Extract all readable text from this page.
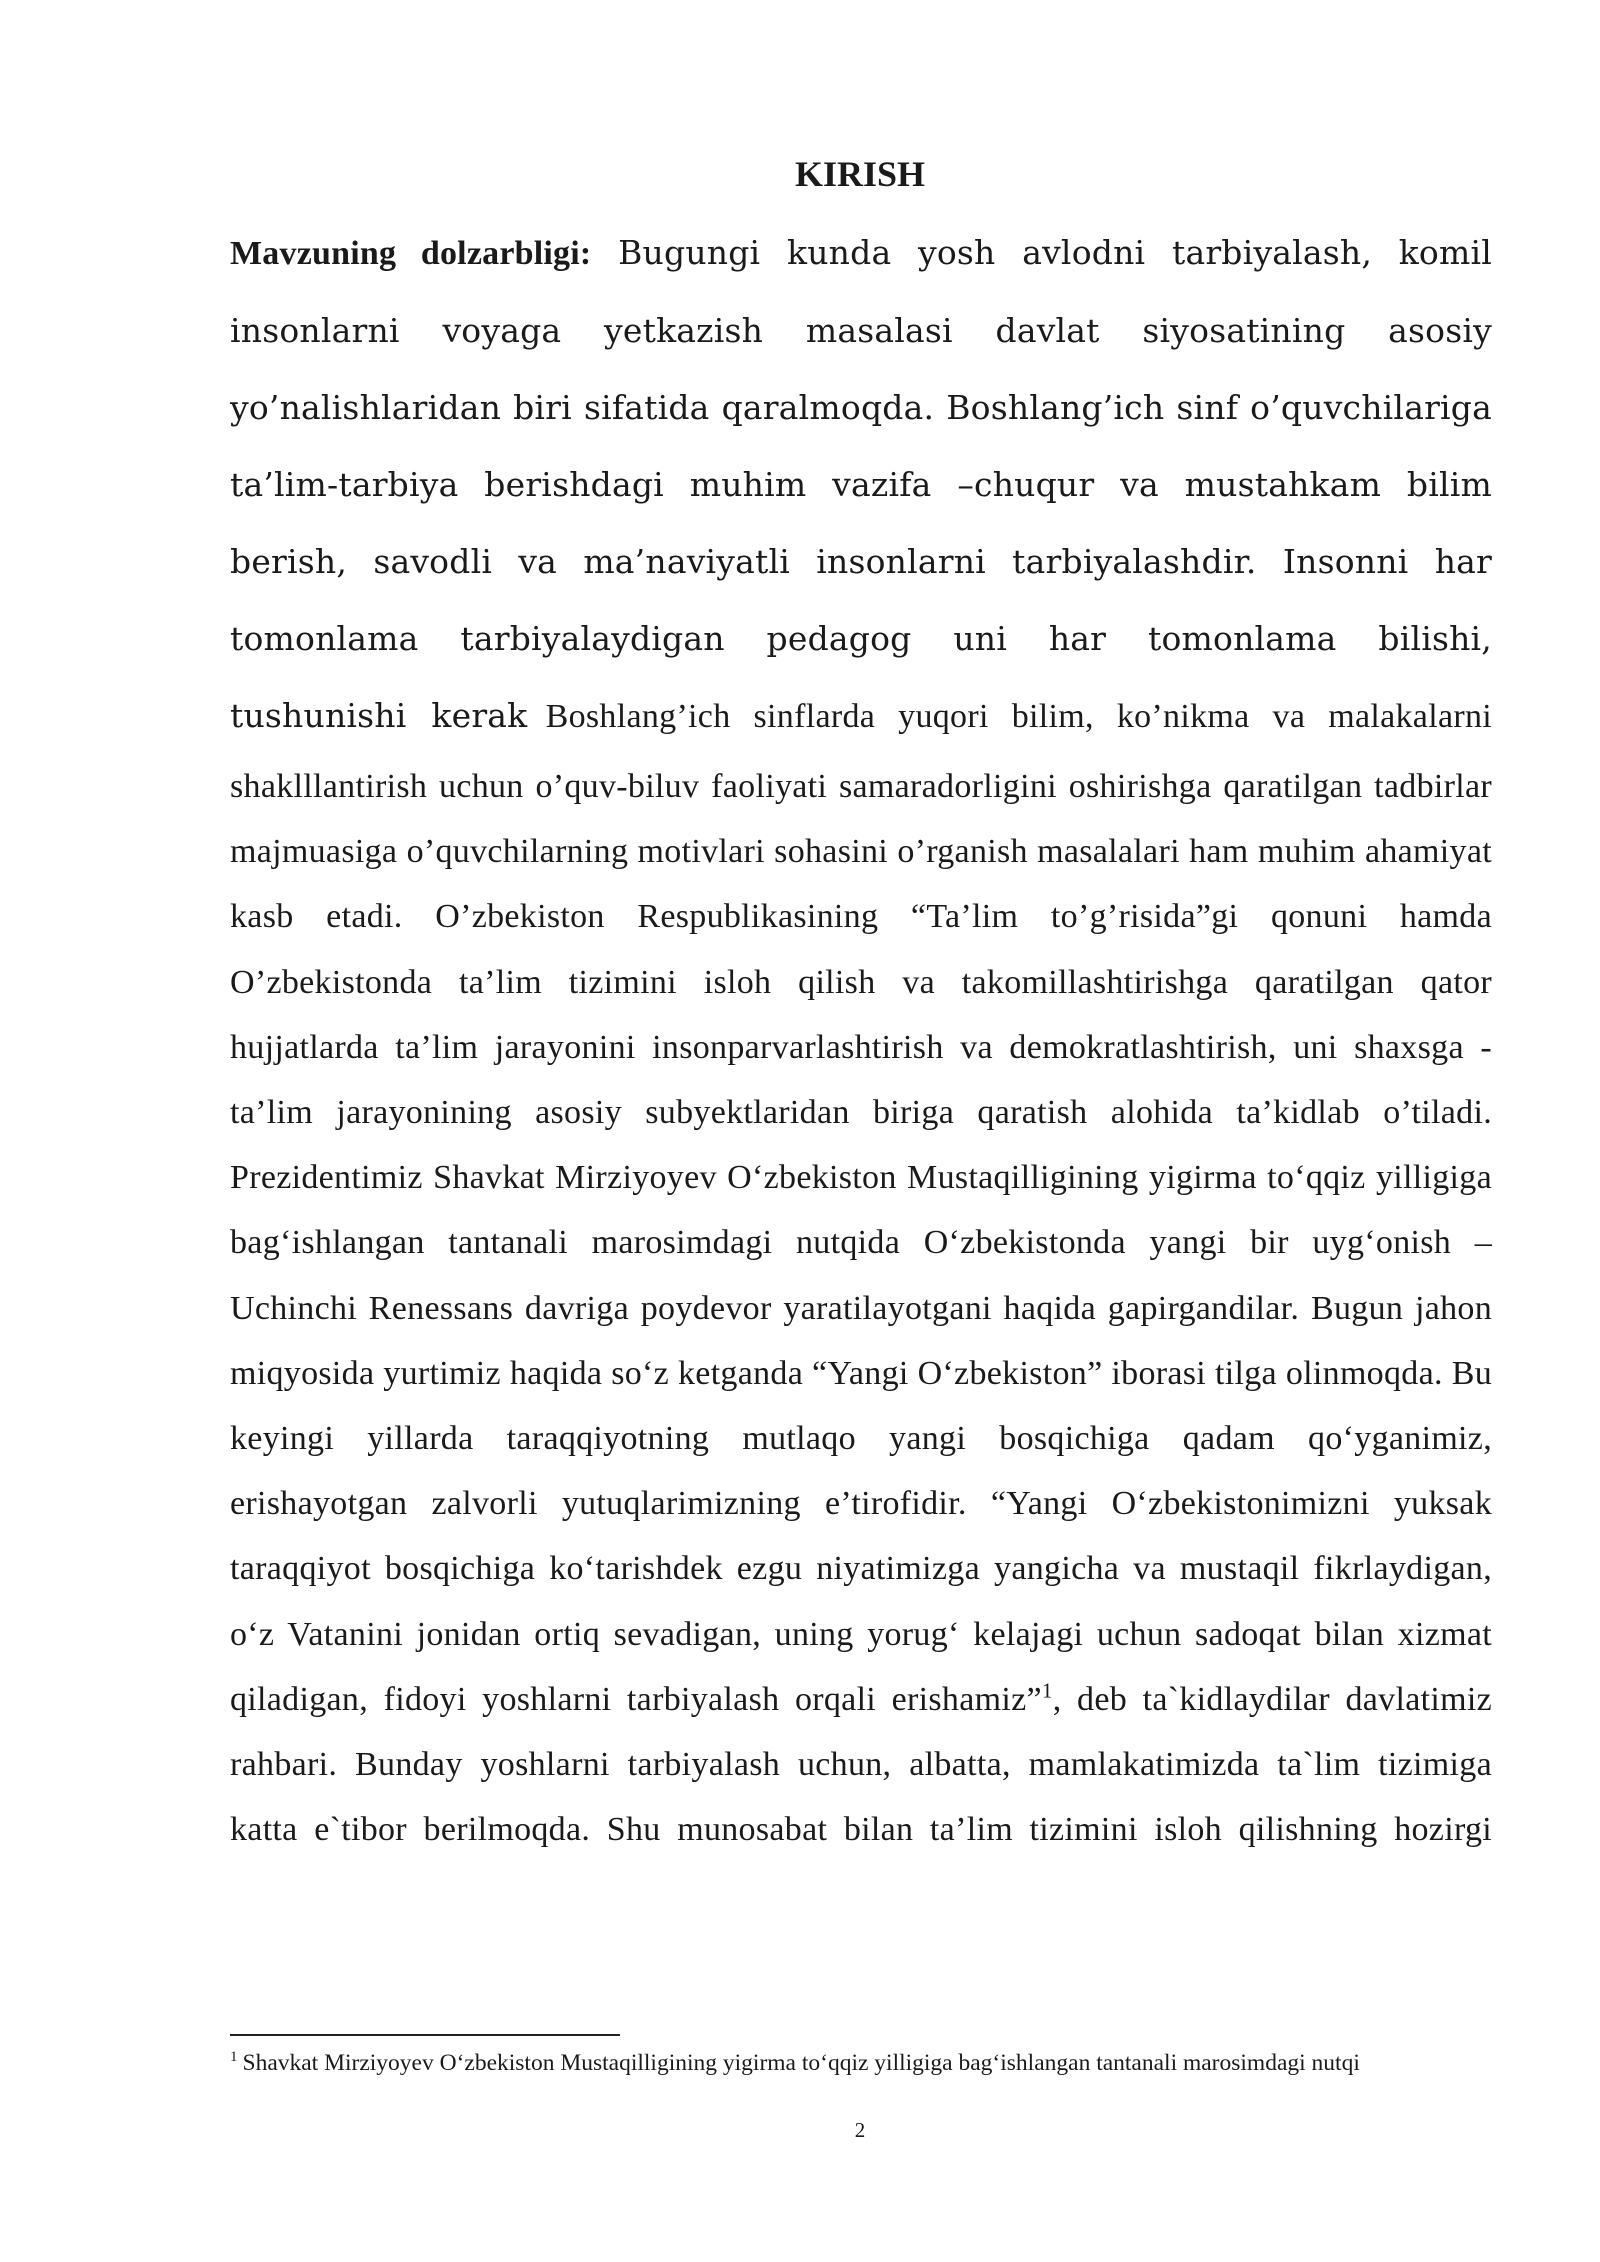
KIRISH
Mavzuning dolzarbligi: Bugungi kunda yosh avlodni tarbiyalash, komil insonlarni voyaga yetkazish masalasi davlat siyosatining asosiy yo’nalishlaridan biri sifatida qaralmoqda. Boshlang’ich sinf o’quvchilariga ta’lim-tarbiya berishdagi muhim vazifa –chuqur va mustahkam bilim berish, savodli va ma’naviyatli insonlarni tarbiyalashdir. Insonni har tomonlama tarbiyalaydigan pedagog uni har tomonlama bilishi, tushunishi kerak Boshlang’ich sinflarda yuqori bilim, ko’nikma va malakalarni shaklllantirish uchun o’quv-biluv faoliyati samaradorligini oshirishga qaratilgan tadbirlar majmuasiga o’quvchilarning motivlari sohasini o’rganish masalalari ham muhim ahamiyat kasb etadi. O’zbekiston Respublikasining “Ta’lim to’g’risida”gi qonuni hamda O’zbekistonda ta’lim tizimini isloh qilish va takomillashtirishga qaratilgan qator hujjatlarda ta’lim jarayonini insonparvarlashtirish va demokratlashtirish, uni shaxsga - ta’lim jarayonining asosiy subyektlaridan biriga qaratish alohida ta’kidlab o’tiladi. Prezidentimiz Shavkat Mirziyoyev O‘zbekiston Mustaqilligining yigirma to‘qqiz yilligiga bag‘ishlangan tantanali marosimdagi nutqida O‘zbekistonda yangi bir uyg‘onish – Uchinchi Renessans davriga poydevor yaratilayotgani haqida gapirgandilar. Bugun jahon miqyosida yurtimiz haqida so‘z ketganda “Yangi O‘zbekiston” iborasi tilga olinmoqda. Bu keyingi yillarda taraqqiyotning mutlaqo yangi bosqichiga qadam qo‘yganimiz, erishayotgan zalvorli yutuqlarimizning e’tirofidir. “Yangi O‘zbekistonimizni yuksak taraqqiyot bosqichiga ko‘tarishdek ezgu niyatimizga yangicha va mustaqil fikrlaydigan, o‘z Vatanini jonidan ortiq sevadigan, uning yorug‘ kelajagi uchun sadoqat bilan xizmat qiladigan, fidoyi yoshlarni tarbiyalash orqali erishamiz”$^1$, deb ta`kidlaydilar davlatimiz rahbari. Bunday yoshlarni tarbiyalash uchun, albatta, mamlakatimizda ta`lim tizimiga katta e`tibor berilmoqda. Shu munosabat bilan ta’lim tizimini isloh qilishning hozirgi

$^1$ Shavkat Mirziyoyev O‘zbekiston Mustaqilligining yigirma to‘qqiz yilligiga bag‘ishlangan tantanali marosimdagi nutqi

2
